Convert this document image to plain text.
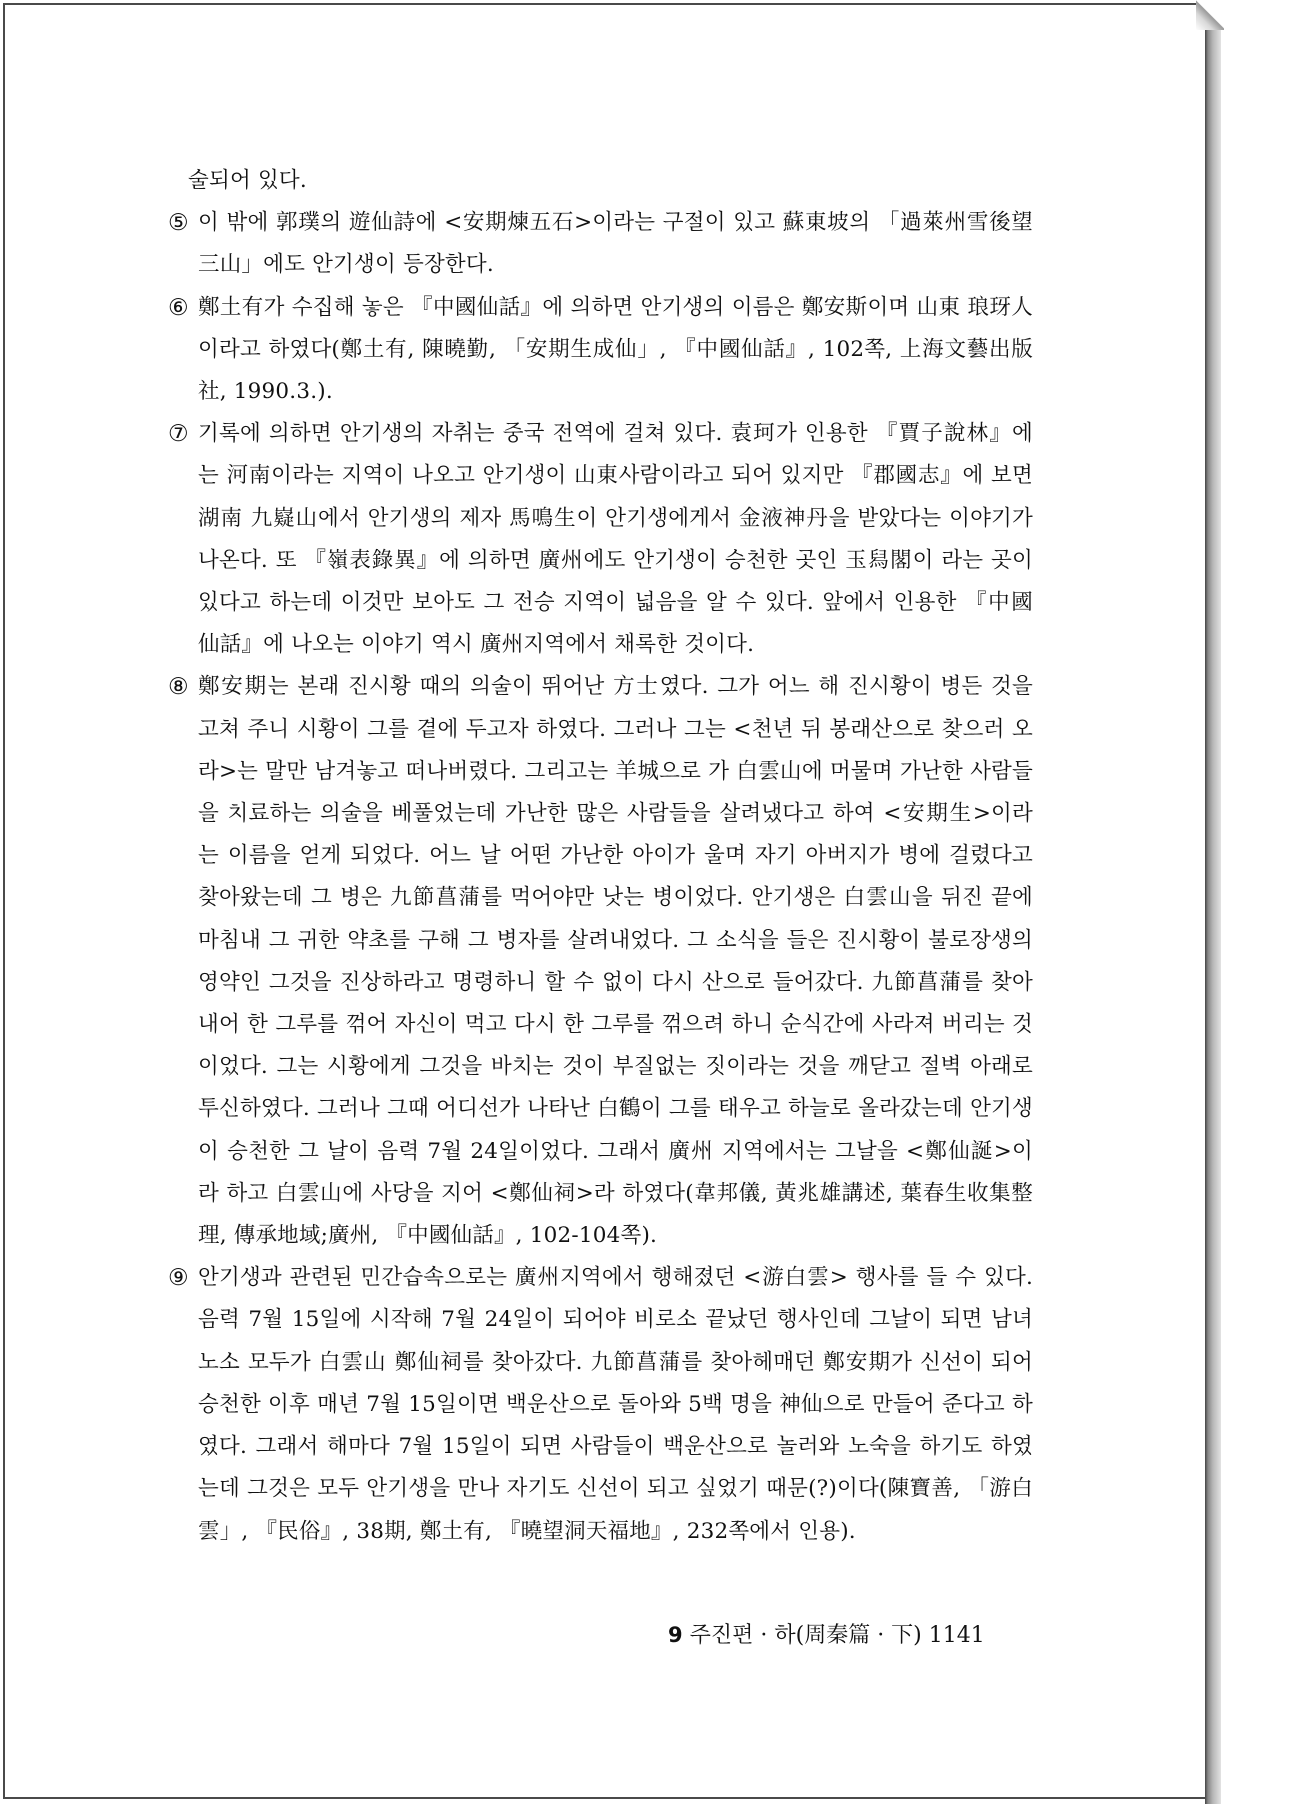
술되어 있다.
⑤ 이 밖에 郭璞의 遊仙詩에 <安期煉五石>이라는 구절이 있고 蘇東坡의 「過萊州雪後望三山」에도 안기생이 등장한다.
⑥ 鄭土有가 수집해 놓은 『中國仙話』에 의하면 안기생의 이름은 鄭安斯이며 山東 琅玡人이라고 하였다(鄭土有, 陳曉勤, 「安期生成仙」, 『中國仙話』, 102쪽, 上海文藝出版社, 1990.3.).
⑦ 기록에 의하면 안기생의 자취는 중국 전역에 걸쳐 있다. 袁珂가 인용한 『賈子說林』에는 河南이라는 지역이 나오고 안기생이 山東사람이라고 되어 있지만 『郡國志』에 보면 湖南 九嶷山에서 안기생의 제자 馬鳴生이 안기생에게서 金液神丹을 받았다는 이야기가 나온다. 또 『嶺表錄異』에 의하면 廣州에도 안기생이 승천한 곳인 玉舄閣이 라는 곳이 있다고 하는데 이것만 보아도 그 전승 지역이 넓음을 알 수 있다. 앞에서 인용한 『中國仙話』에 나오는 이야기 역시 廣州지역에서 채록한 것이다.
⑧ 鄭安期는 본래 진시황 때의 의술이 뛰어난 方士였다. 그가 어느 해 진시황이 병든 것을 고쳐 주니 시황이 그를 곁에 두고자 하였다. 그러나 그는 <천년 뒤 봉래산으로 찾으러 오라>는 말만 남겨놓고 떠나버렸다. 그리고는 羊城으로 가 白雲山에 머물며 가난한 사람들을 치료하는 의술을 베풀었는데 가난한 많은 사람들을 살려냈다고 하여 <安期生>이라는 이름을 얻게 되었다. 어느 날 어떤 가난한 아이가 울며 자기 아버지가 병에 걸렸다고 찾아왔는데 그 병은 九節菖蒲를 먹어야만 낫는 병이었다. 안기생은 白雲山을 뒤진 끝에 마침내 그 귀한 약초를 구해 그 병자를 살려내었다. 그 소식을 들은 진시황이 불로장생의 영약인 그것을 진상하라고 명령하니 할 수 없이 다시 산으로 들어갔다. 九節菖蒲를 찾아내어 한 그루를 꺾어 자신이 먹고 다시 한 그루를 꺾으려 하니 순식간에 사라져 버리는 것이었다. 그는 시황에게 그것을 바치는 것이 부질없는 짓이라는 것을 깨닫고 절벽 아래로 투신하였다. 그러나 그때 어디선가 나타난 白鶴이 그를 태우고 하늘로 올라갔는데 안기생이 승천한 그 날이 음력 7월 24일이었다. 그래서 廣州 지역에서는 그날을 <鄭仙誕>이라 하고 白雲山에 사당을 지어 <鄭仙祠>라 하였다(韋邦儀, 黃兆雄講述, 葉春生收集整理, 傳承地域;廣州, 『中國仙話』, 102-104쪽).
⑨ 안기생과 관련된 민간습속으로는 廣州지역에서 행해졌던 <游白雲> 행사를 들 수 있다. 음력 7월 15일에 시작해 7월 24일이 되어야 비로소 끝났던 행사인데 그날이 되면 남녀노소 모두가 白雲山 鄭仙祠를 찾아갔다. 九節菖蒲를 찾아헤매던 鄭安期가 신선이 되어 승천한 이후 매년 7월 15일이면 백운산으로 돌아와 5백 명을 神仙으로 만들어 준다고 하였다. 그래서 해마다 7월 15일이 되면 사람들이 백운산으로 놀러와 노숙을 하기도 하였는데 그것은 모두 안기생을 만나 자기도 신선이 되고 싶었기 때문(?)이다(陳寶善, 「游白雲」, 『民俗』, 38期, 鄭土有, 『曉望洞天福地』, 232쪽에서 인용).
9 주진편 · 하(周秦篇 · 下) 1141
